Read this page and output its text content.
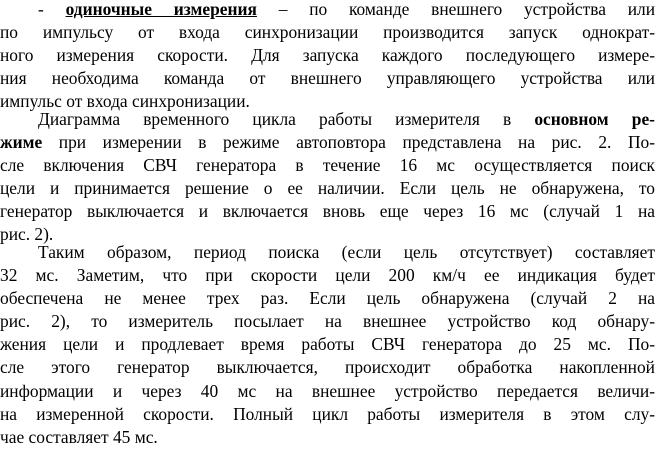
- одиночные измерения – по команде внешнего устройства или
по импульсу от входа синхронизации производится запуск однократ-
ного измерения скорости. Для запуска каждого последующего измере-
ния необходима команда от внешнего управляющего устройства или
импульс от входа синхронизации.
Диаграмма временного цикла работы измерителя в основном ре-
жиме при измерении в режиме автоповтора представлена на рис. 2. По-
сле включения СВЧ генератора в течение 16 мс осуществляется поиск
цели и принимается решение о ее наличии. Если цель не обнаружена, то
генератор выключается и включается вновь еще через 16 мс (случай 1 на
рис. 2).
Таким образом, период поиска (если цель отсутствует) составляет
32 мс. Заметим, что при скорости цели 200 км/ч ее индикация будет
обеспечена не менее трех раз. Если цель обнаружена (случай 2 на
рис. 2), то измеритель посылает на внешнее устройство код обнару-
жения цели и продлевает время работы СВЧ генератора до 25 мс. По-
сле этого генератор выключается, происходит обработка накопленной
информации и через 40 мс на внешнее устройство передается величи-
на измеренной скорости. Полный цикл работы измерителя в этом слу-
чае составляет 45 мс.
